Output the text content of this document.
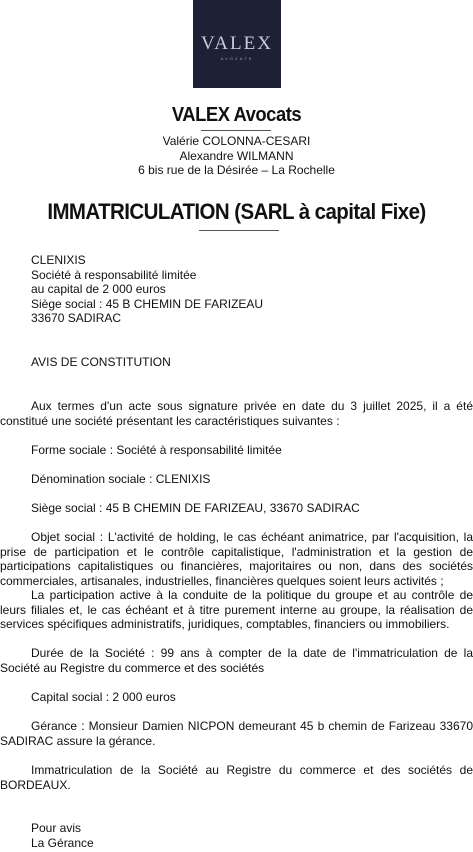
VALEX
AVOCATS
VALEX Avocats
Valérie COLONNA-CESARI
Alexandre WILMANN
6 bis rue de la Désirée – La Rochelle
IMMATRICULATION (SARL à capital Fixe)
CLENIXIS
Société à responsabilité limitée
au capital de 2 000 euros
Siège social : 45 B CHEMIN DE FARIZEAU
33670 SADIRAC
AVIS DE CONSTITUTION
Aux termes d'un acte sous signature privée en date du 3 juillet 2025, il a été constitué une société présentant les caractéristiques suivantes :
Forme sociale : Société à responsabilité limitée
Dénomination sociale : CLENIXIS
Siège social : 45 B CHEMIN DE FARIZEAU, 33670 SADIRAC
Objet social : L'activité de holding, le cas échéant animatrice, par l'acquisition, la prise de participation et le contrôle capitalistique, l'administration et la gestion de participations capitalistiques ou financières, majoritaires ou non, dans des sociétés commerciales, artisanales, industrielles, financières quelques soient leurs activités ;
La participation active à la conduite de la politique du groupe et au contrôle de leurs filiales et, le cas échéant et à titre purement interne au groupe, la réalisation de services spécifiques administratifs, juridiques, comptables, financiers ou immobiliers.
Durée de la Société : 99 ans à compter de la date de l'immatriculation de la Société au Registre du commerce et des sociétés
Capital social : 2 000 euros
Gérance : Monsieur Damien NICPON demeurant 45 b chemin de Farizeau 33670 SADIRAC assure la gérance.
Immatriculation de la Société au Registre du commerce et des sociétés de BORDEAUX.
Pour avis
La Gérance
